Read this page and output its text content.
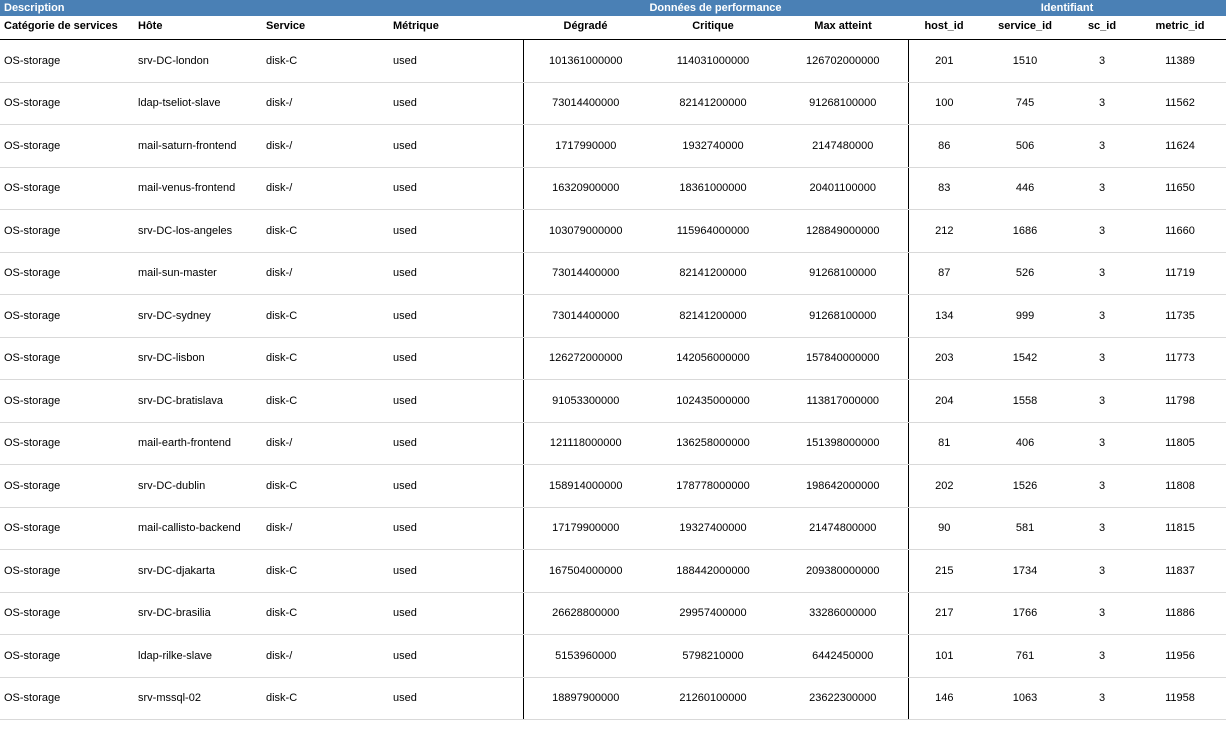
Description				Données de performance			Identifiant			

Catégorie de services	Hôte	Service	Métrique	Dégradé	Critique	Max atteint	host_id	service_id	sc_id	metric_id

OS-storage	srv-DC-london	disk-C	used	101361000000	114031000000	126702000000	201	1510	3	11389
OS-storage	ldap-tseliot-slave	disk-/	used	73014400000	82141200000	91268100000	100	745	3	11562
OS-storage	mail-saturn-frontend	disk-/	used	1717990000	1932740000	2147480000	86	506	3	11624
OS-storage	mail-venus-frontend	disk-/	used	16320900000	18361000000	20401100000	83	446	3	11650
OS-storage	srv-DC-los-angeles	disk-C	used	103079000000	115964000000	128849000000	212	1686	3	11660
OS-storage	mail-sun-master	disk-/	used	73014400000	82141200000	91268100000	87	526	3	11719
OS-storage	srv-DC-sydney	disk-C	used	73014400000	82141200000	91268100000	134	999	3	11735
OS-storage	srv-DC-lisbon	disk-C	used	126272000000	142056000000	157840000000	203	1542	3	11773
OS-storage	srv-DC-bratislava	disk-C	used	91053300000	102435000000	113817000000	204	1558	3	11798
OS-storage	mail-earth-frontend	disk-/	used	121118000000	136258000000	151398000000	81	406	3	11805
OS-storage	srv-DC-dublin	disk-C	used	158914000000	178778000000	198642000000	202	1526	3	11808
OS-storage	mail-callisto-backend	disk-/	used	17179900000	19327400000	21474800000	90	581	3	11815
OS-storage	srv-DC-djakarta	disk-C	used	167504000000	188442000000	209380000000	215	1734	3	11837
OS-storage	srv-DC-brasilia	disk-C	used	26628800000	29957400000	33286000000	217	1766	3	11886
OS-storage	ldap-rilke-slave	disk-/	used	5153960000	5798210000	6442450000	101	761	3	11956
OS-storage	srv-mssql-02	disk-C	used	18897900000	21260100000	23622300000	146	1063	3	11958
